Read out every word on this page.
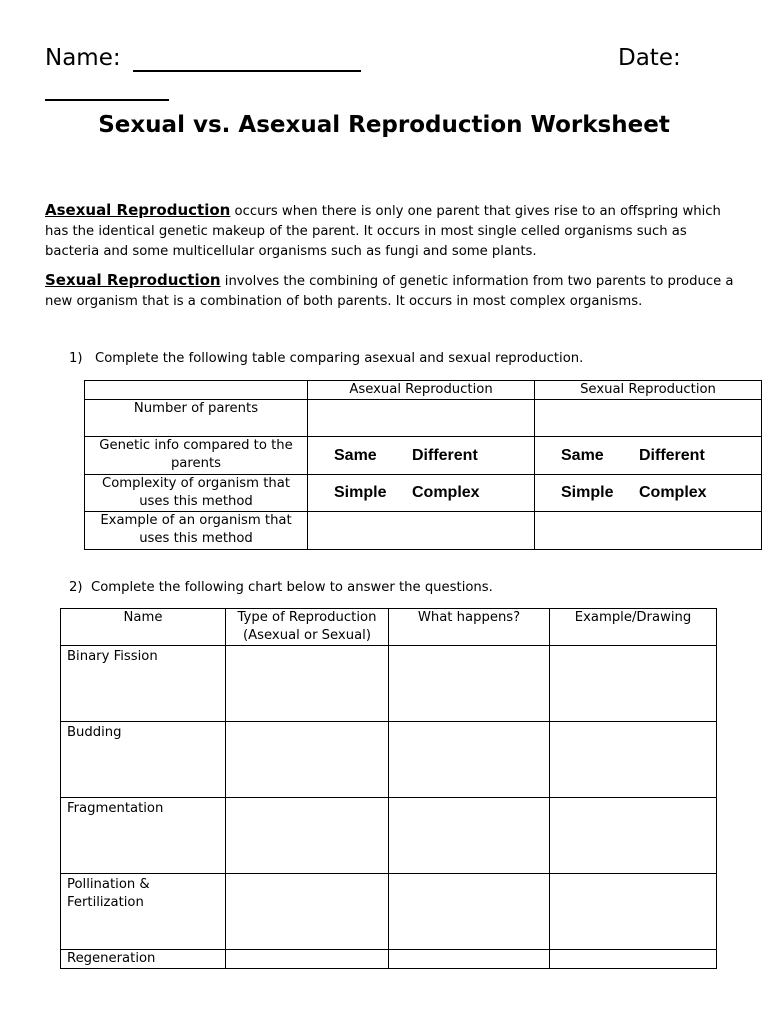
Name:	Date:
Sexual vs. Asexual Reproduction Worksheet
Asexual Reproduction occurs when there is only one parent that gives rise to an offspring which has the identical genetic makeup of the parent. It occurs in most single celled organisms such as bacteria and some multicellular organisms such as fungi and some plants.
Sexual Reproduction involves the combining of genetic information from two parents to produce a new organism that is a combination of both parents. It occurs in most complex organisms.
1) Complete the following table comparing asexual and sexual reproduction.
	Asexual Reproduction	Sexual Reproduction
Number of parents		
Genetic info compared to the parents	Same Different	Same Different
Complexity of organism that uses this method	Simple Complex	Simple Complex
Example of an organism that uses this method		
2) Complete the following chart below to answer the questions.
Name	Type of Reproduction (Asexual or Sexual)	What happens?	Example/Drawing
Binary Fission			
Budding			
Fragmentation			
Pollination & Fertilization			
Regeneration			
